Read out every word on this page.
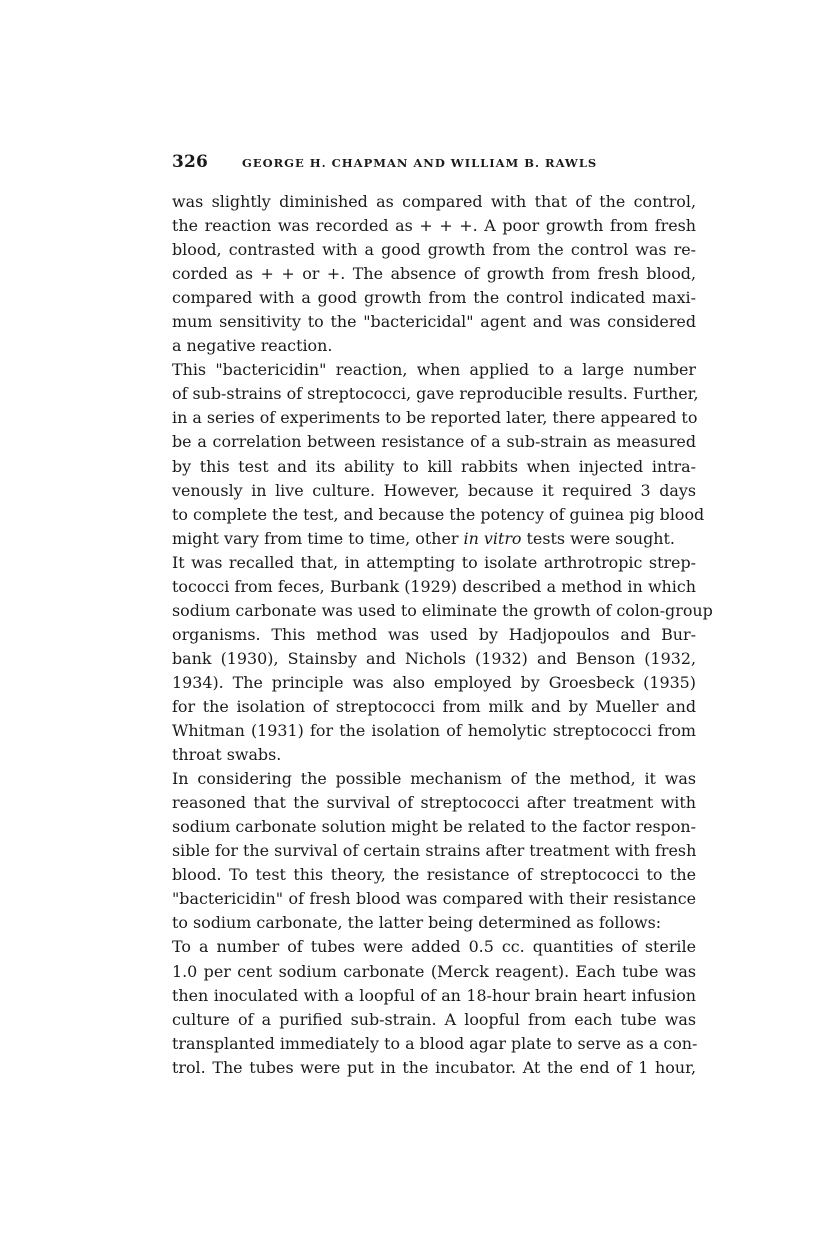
326	GEORGE H. CHAPMAN AND WILLIAM B. RAWLS

was slightly diminished as compared with that of the control,
the reaction was recorded as + + +. A poor growth from fresh
blood, contrasted with a good growth from the control was re-
corded as + + or +. The absence of growth from fresh blood,
compared with a good growth from the control indicated maxi-
mum sensitivity to the "bactericidal" agent and was considered
a negative reaction.

This "bactericidin" reaction, when applied to a large number
of sub-strains of streptococci, gave reproducible results. Further,
in a series of experiments to be reported later, there appeared to
be a correlation between resistance of a sub-strain as measured
by this test and its ability to kill rabbits when injected intra-
venously in live culture. However, because it required 3 days
to complete the test, and because the potency of guinea pig blood
might vary from time to time, other in vitro tests were sought.

It was recalled that, in attempting to isolate arthrotropic strep-
tococci from feces, Burbank (1929) described a method in which
sodium carbonate was used to eliminate the growth of colon-group
organisms. This method was used by Hadjopoulos and Bur-
bank (1930), Stainsby and Nichols (1932) and Benson (1932,
1934). The principle was also employed by Groesbeck (1935)
for the isolation of streptococci from milk and by Mueller and
Whitman (1931) for the isolation of hemolytic streptococci from
throat swabs.

In considering the possible mechanism of the method, it was
reasoned that the survival of streptococci after treatment with
sodium carbonate solution might be related to the factor respon-
sible for the survival of certain strains after treatment with fresh
blood. To test this theory, the resistance of streptococci to the
"bactericidin" of fresh blood was compared with their resistance
to sodium carbonate, the latter being determined as follows:

To a number of tubes were added 0.5 cc. quantities of sterile
1.0 per cent sodium carbonate (Merck reagent). Each tube was
then inoculated with a loopful of an 18-hour brain heart infusion
culture of a purified sub-strain. A loopful from each tube was
transplanted immediately to a blood agar plate to serve as a con-
trol. The tubes were put in the incubator. At the end of 1 hour,
